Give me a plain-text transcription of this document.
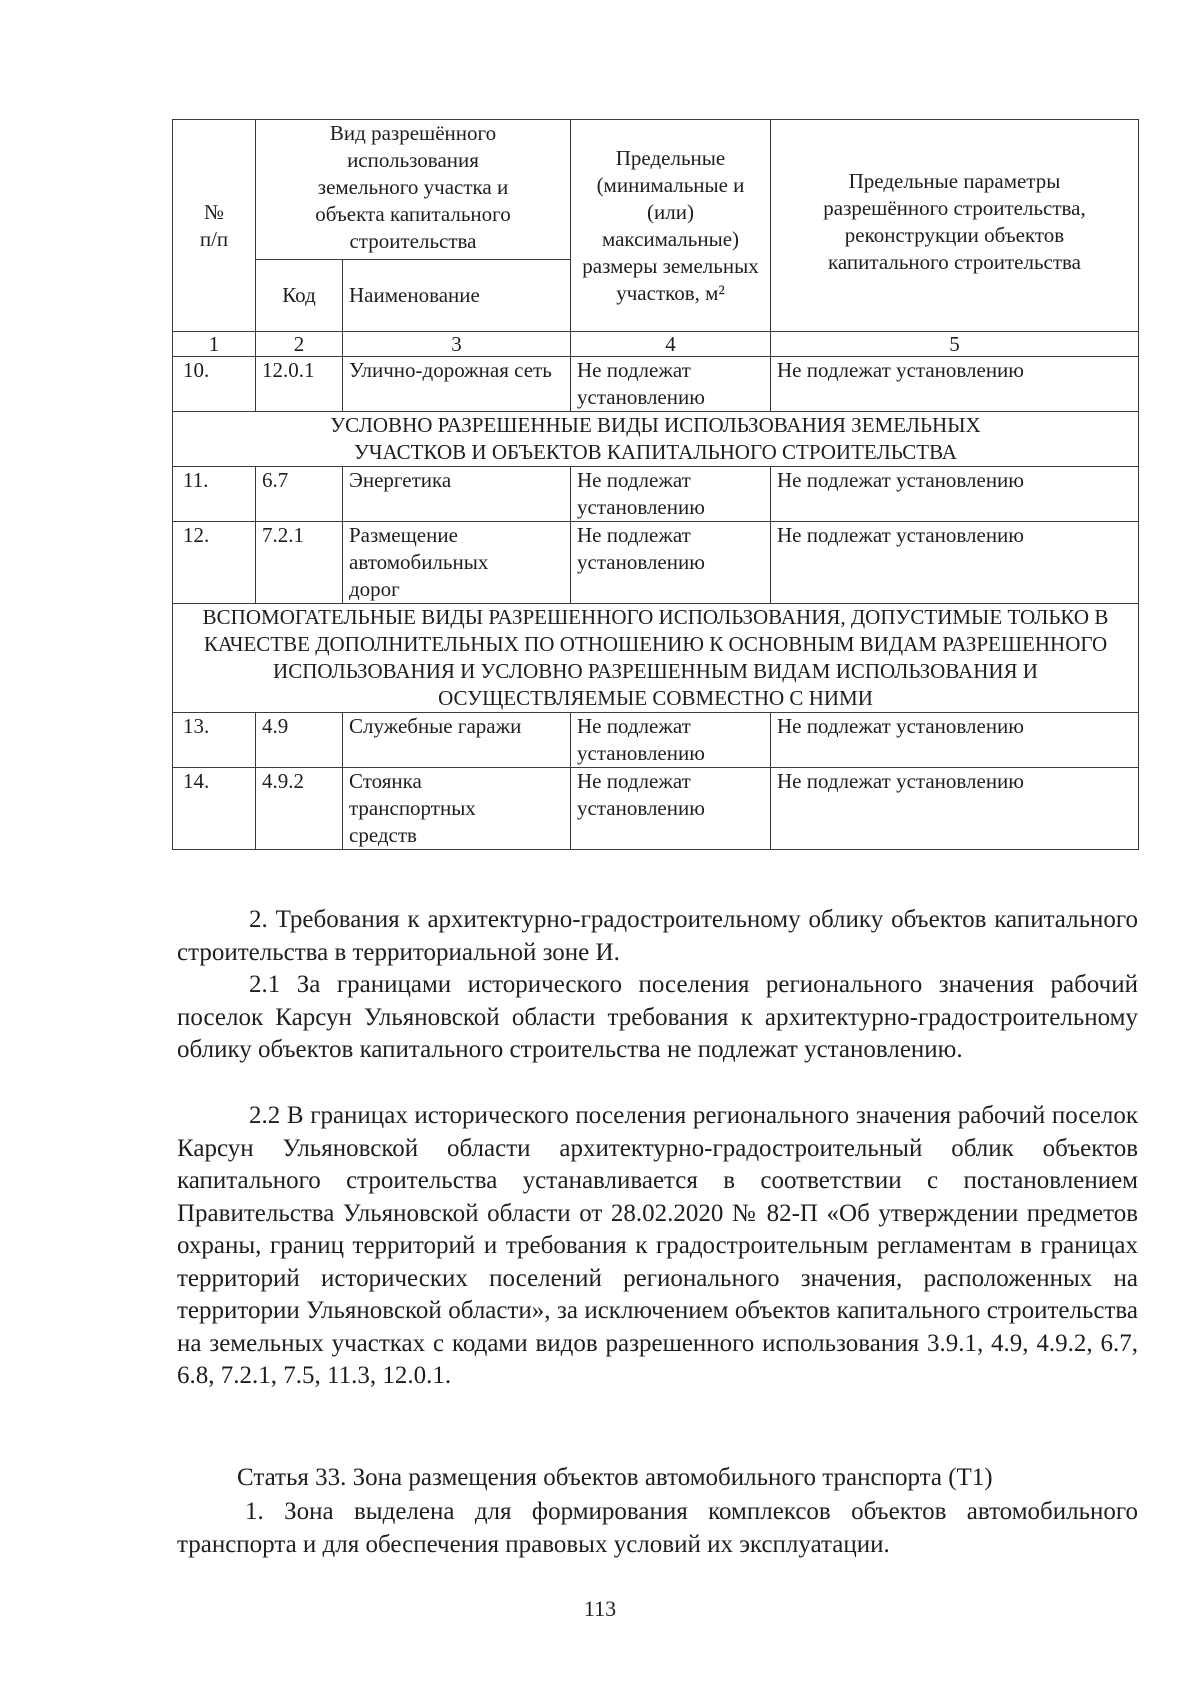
№ п/п	Вид разрешённого использования земельного участка и объекта капитального строительства		Предельные (минимальные и (или) максимальные) размеры земельных участков, м²	Предельные параметры разрешённого строительства, реконструкции объектов капитального строительства
	Код	Наименование		
1	2	3	4	5
10.	12.0.1	Улично-дорожная сеть	Не подлежат установлению	Не подлежат установлению
УСЛОВНО РАЗРЕШЕННЫЕ ВИДЫ ИСПОЛЬЗОВАНИЯ ЗЕМЕЛЬНЫХ УЧАСТКОВ И ОБЪЕКТОВ КАПИТАЛЬНОГО СТРОИТЕЛЬСТВА				
11.	6.7	Энергетика	Не подлежат установлению	Не подлежат установлению
12.	7.2.1	Размещение автомобильных дорог	Не подлежат установлению	Не подлежат установлению
ВСПОМОГАТЕЛЬНЫЕ ВИДЫ РАЗРЕШЕННОГО ИСПОЛЬЗОВАНИЯ, ДОПУСТИМЫЕ ТОЛЬКО В КАЧЕСТВЕ ДОПОЛНИТЕЛЬНЫХ ПО ОТНОШЕНИЮ К ОСНОВНЫМ ВИДАМ РАЗРЕШЕННОГО ИСПОЛЬЗОВАНИЯ И УСЛОВНО РАЗРЕШЕННЫМ ВИДАМ ИСПОЛЬЗОВАНИЯ И ОСУЩЕСТВЛЯЕМЫЕ СОВМЕСТНО С НИМИ				
13.	4.9	Служебные гаражи	Не подлежат установлению	Не подлежат установлению
14.	4.9.2	Стоянка транспортных средств	Не подлежат установлению	Не подлежат установлению
2. Требования к архитектурно-градостроительному облику объектов капитального строительства в территориальной зоне И.
2.1 За границами исторического поселения регионального значения рабочий поселок Карсун Ульяновской области требования к архитектурно-градостроительному облику объектов капитального строительства не подлежат установлению.
2.2 В границах исторического поселения регионального значения рабочий поселок Карсун Ульяновской области архитектурно-градостроительный облик объектов капитального строительства устанавливается в соответствии с постановлением Правительства Ульяновской области от 28.02.2020 № 82-П «Об утверждении предметов охраны, границ территорий и требования к градостроительным регламентам в границах территорий исторических поселений регионального значения, расположенных на территории Ульяновской области», за исключением объектов капитального строительства на земельных участках с кодами видов разрешенного использования 3.9.1, 4.9, 4.9.2, 6.7, 6.8, 7.2.1, 7.5, 11.3, 12.0.1.
Статья 33. Зона размещения объектов автомобильного транспорта (Т1)
1. Зона выделена для формирования комплексов объектов автомобильного транспорта и для обеспечения правовых условий их эксплуатации.
113
